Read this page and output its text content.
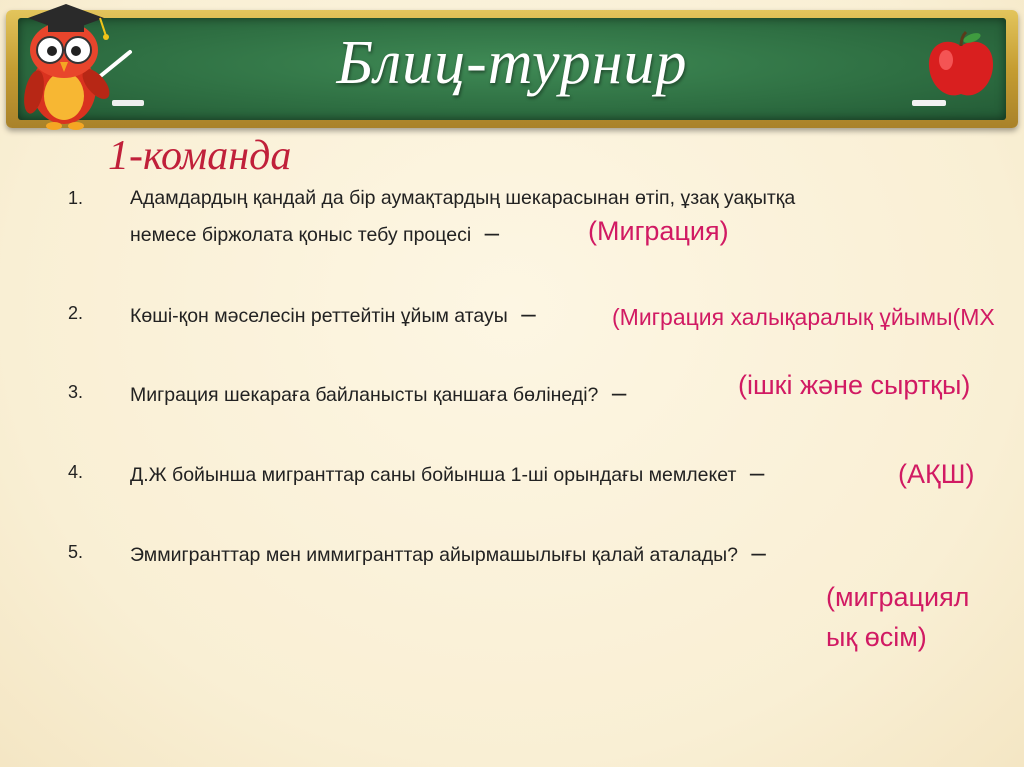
Блиц-турнир
1-команда
1. Адамдардың қандай да бір аумақтардың шекарасынан өтіп, ұзақ уақытқа
немесе біржолата қоныс тебу процесі –	(Миграция)
2. Көші-қон мәселесін реттейтін ұйым атауы –	(Миграция халықаралық ұйымы(МХ
3. Миграция шекараға байланысты қаншаға бөлінеді? –	(ішкі және сыртқы)
4. Д.Ж бойынша мигранттар саны бойынша 1-ші орындағы мемлекет –	(АҚШ)
5. Эммигранттар мен иммигранттар айырмашылығы қалай аталады? –
(миграциял
ық өсім)
